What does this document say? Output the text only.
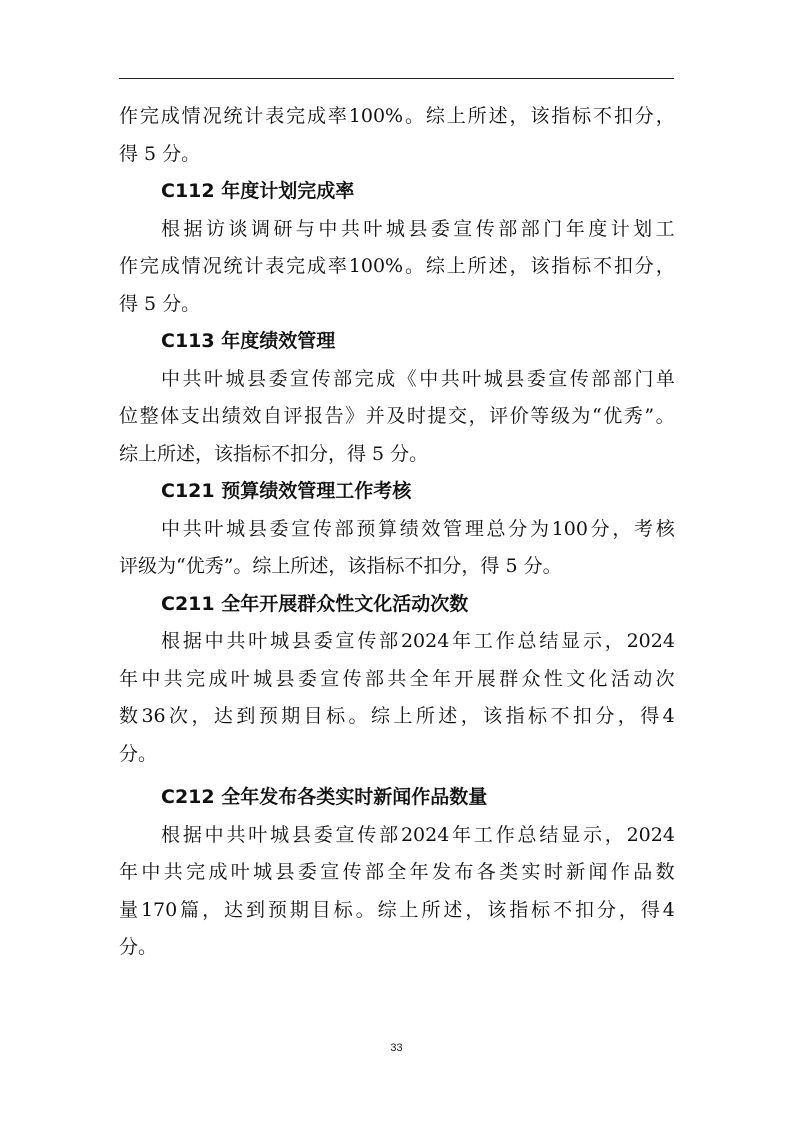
作 完 成 情 况 统 计 表 完 成 率 100% 。 综 上 所 述 ， 该 指 标 不 扣 分 ，
得 5 分。
C112 年度计划完成率
根 据 访 谈 调 研 与 中 共 叶 城 县 委 宣 传 部 部 门 年 度 计 划 工
作 完 成 情 况 统 计 表 完 成 率 100% 。 综 上 所 述 ， 该 指 标 不 扣 分 ，
得 5 分。
C113 年度绩效管理
中 共 叶 城 县 委 宣 传 部 完 成 《 中 共 叶 城 县 委 宣 传 部 部 门 单
位 整 体 支 出 绩 效 自 评 报 告 》 并 及 时 提 交 ， 评 价 等 级 为 “ 优 秀 ” 。
综上所述，该指标不扣分，得 5 分。
C121 预算绩效管理工作考核
中 共 叶 城 县 委 宣 传 部 预 算 绩 效 管 理 总 分 为 100 分 ， 考 核
评级为“优秀”。综上所述，该指标不扣分，得 5 分。
C211 全年开展群众性文化活动次数
根 据 中 共 叶 城 县 委 宣 传 部 2024 年 工 作 总 结 显 示 ， 2024
年 中 共 完 成 叶 城 县 委 宣 传 部 共 全 年 开 展 群 众 性 文 化 活 动 次
数 36 次 ， 达 到 预 期 目 标 。 综 上 所 述 ， 该 指 标 不 扣 分 ， 得 4
分。
C212 全年发布各类实时新闻作品数量
根 据 中 共 叶 城 县 委 宣 传 部 2024 年 工 作 总 结 显 示 ， 2024
年 中 共 完 成 叶 城 县 委 宣 传 部 全 年 发 布 各 类 实 时 新 闻 作 品 数
量 170 篇 ， 达 到 预 期 目 标 。 综 上 所 述 ， 该 指 标 不 扣 分 ， 得 4
分。
33
